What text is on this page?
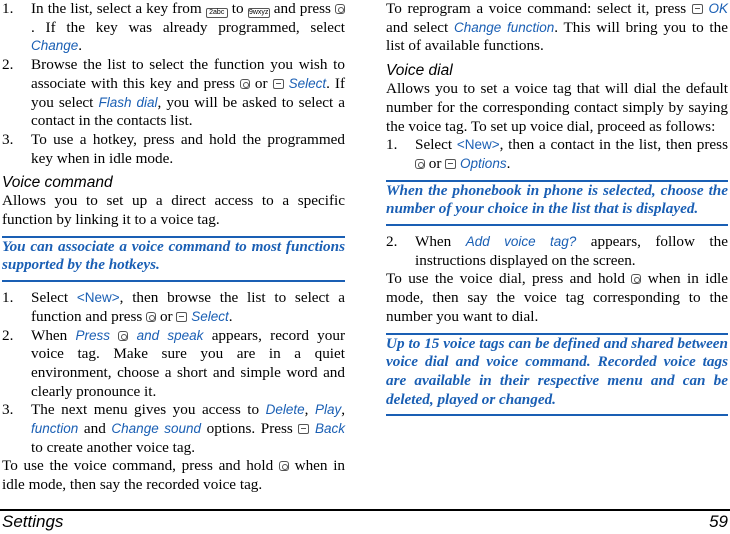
1. In the list, select a key from 2abc to 9wxyz and press . If the key was already programmed, select Change.
2. Browse the list to select the function you wish to associate with this key and press or Select. If you select Flash dial, you will be asked to select a contact in the contacts list.
3. To use a hotkey, press and hold the programmed key when in idle mode.
Voice command

Allows you to set up a direct access to a specific function by linking it to a voice tag.

You can associate a voice command to most functions supported by the hotkeys.
1. Select <New>, then browse the list to select a function and press or Select.
2. When Press and speak appears, record your voice tag. Make sure you are in a quiet environment, choose a short and simple word and clearly pronounce it.
3. The next menu gives you access to Delete, Play, function and Change sound options. Press Back to create another voice tag.

To use the voice command, press and hold when in idle mode, then say the recorded voice tag.

To reprogram a voice command: select it, press OK and select Change function. This will bring you to the list of available functions.

Voice dial

Allows you to set a voice tag that will dial the default number for the corresponding contact simply by saying the voice tag. To set up voice dial, proceed as follows:

1. Select <New>, then a contact in the list, then press  or Options.
When the phonebook in phone is selected, choose the number of your choice in the list that is displayed.
2. When Add voice tag? appears, follow the instructions displayed on the screen.

To use the voice dial, press and hold when in idle mode, then say the voice tag corresponding to the number you want to dial.

Up to 15 voice tags can be defined and shared between voice dial and voice command. Recorded voice tags are available in their respective menu and can be deleted, played or changed.
Settings	59
